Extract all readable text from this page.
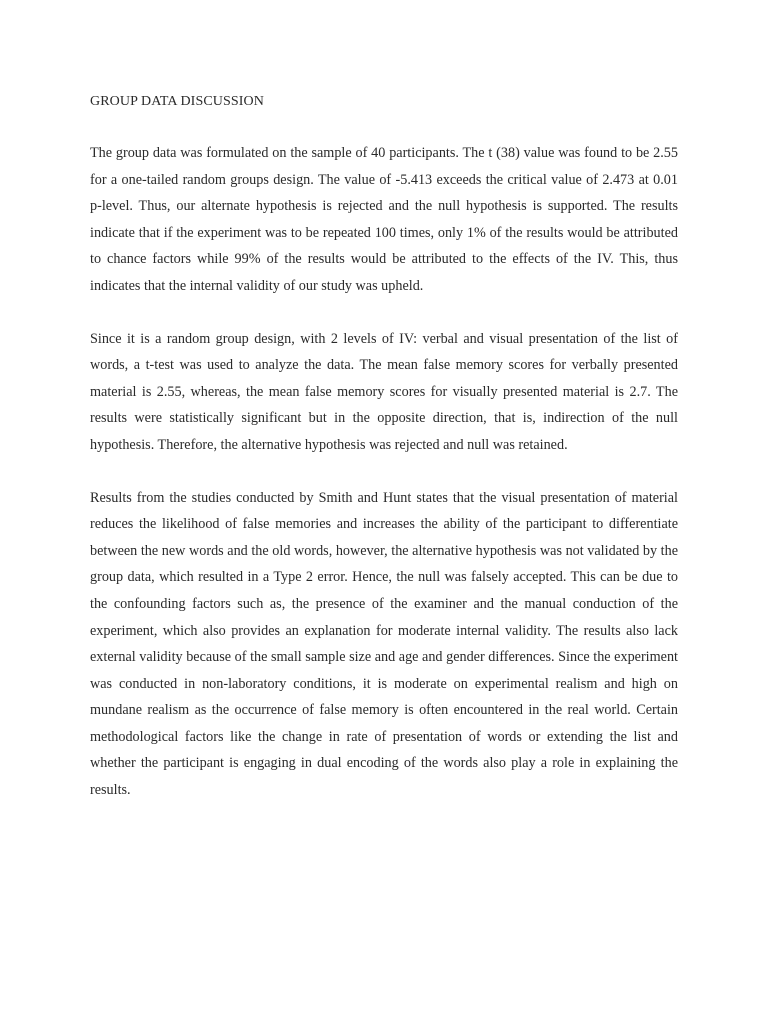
GROUP DATA DISCUSSION

The group data was formulated on the sample of 40 participants. The t (38) value was found to be 2.55 for a one-tailed random groups design. The value of -5.413 exceeds the critical value of 2.473 at 0.01 p-level. Thus, our alternate hypothesis is rejected and the null hypothesis is supported. The results indicate that if the experiment was to be repeated 100 times, only 1% of the results would be attributed to chance factors while 99% of the results would be attributed to the effects of the IV. This, thus indicates that the internal validity of our study was upheld.

Since it is a random group design, with 2 levels of IV: verbal and visual presentation of the list of words, a t-test was used to analyze the data. The mean false memory scores for verbally presented material is 2.55, whereas, the mean false memory scores for visually presented material is 2.7. The results were statistically significant but in the opposite direction, that is, indirection of the null hypothesis. Therefore, the alternative hypothesis was rejected and null was retained.

Results from the studies conducted by Smith and Hunt states that the visual presentation of material reduces the likelihood of false memories and increases the ability of the participant to differentiate between the new words and the old words, however, the alternative hypothesis was not validated by the group data, which resulted in a Type 2 error. Hence, the null was falsely accepted. This can be due to the confounding factors such as, the presence of the examiner and the manual conduction of the experiment, which also provides an explanation for moderate internal validity. The results also lack external validity because of the small sample size and age and gender differences. Since the experiment was conducted in non-laboratory conditions, it is moderate on experimental realism and high on mundane realism as the occurrence of false memory is often encountered in the real world. Certain methodological factors like the change in rate of presentation of words or extending the list and whether the participant is engaging in dual encoding of the words also play a role in explaining the results.
